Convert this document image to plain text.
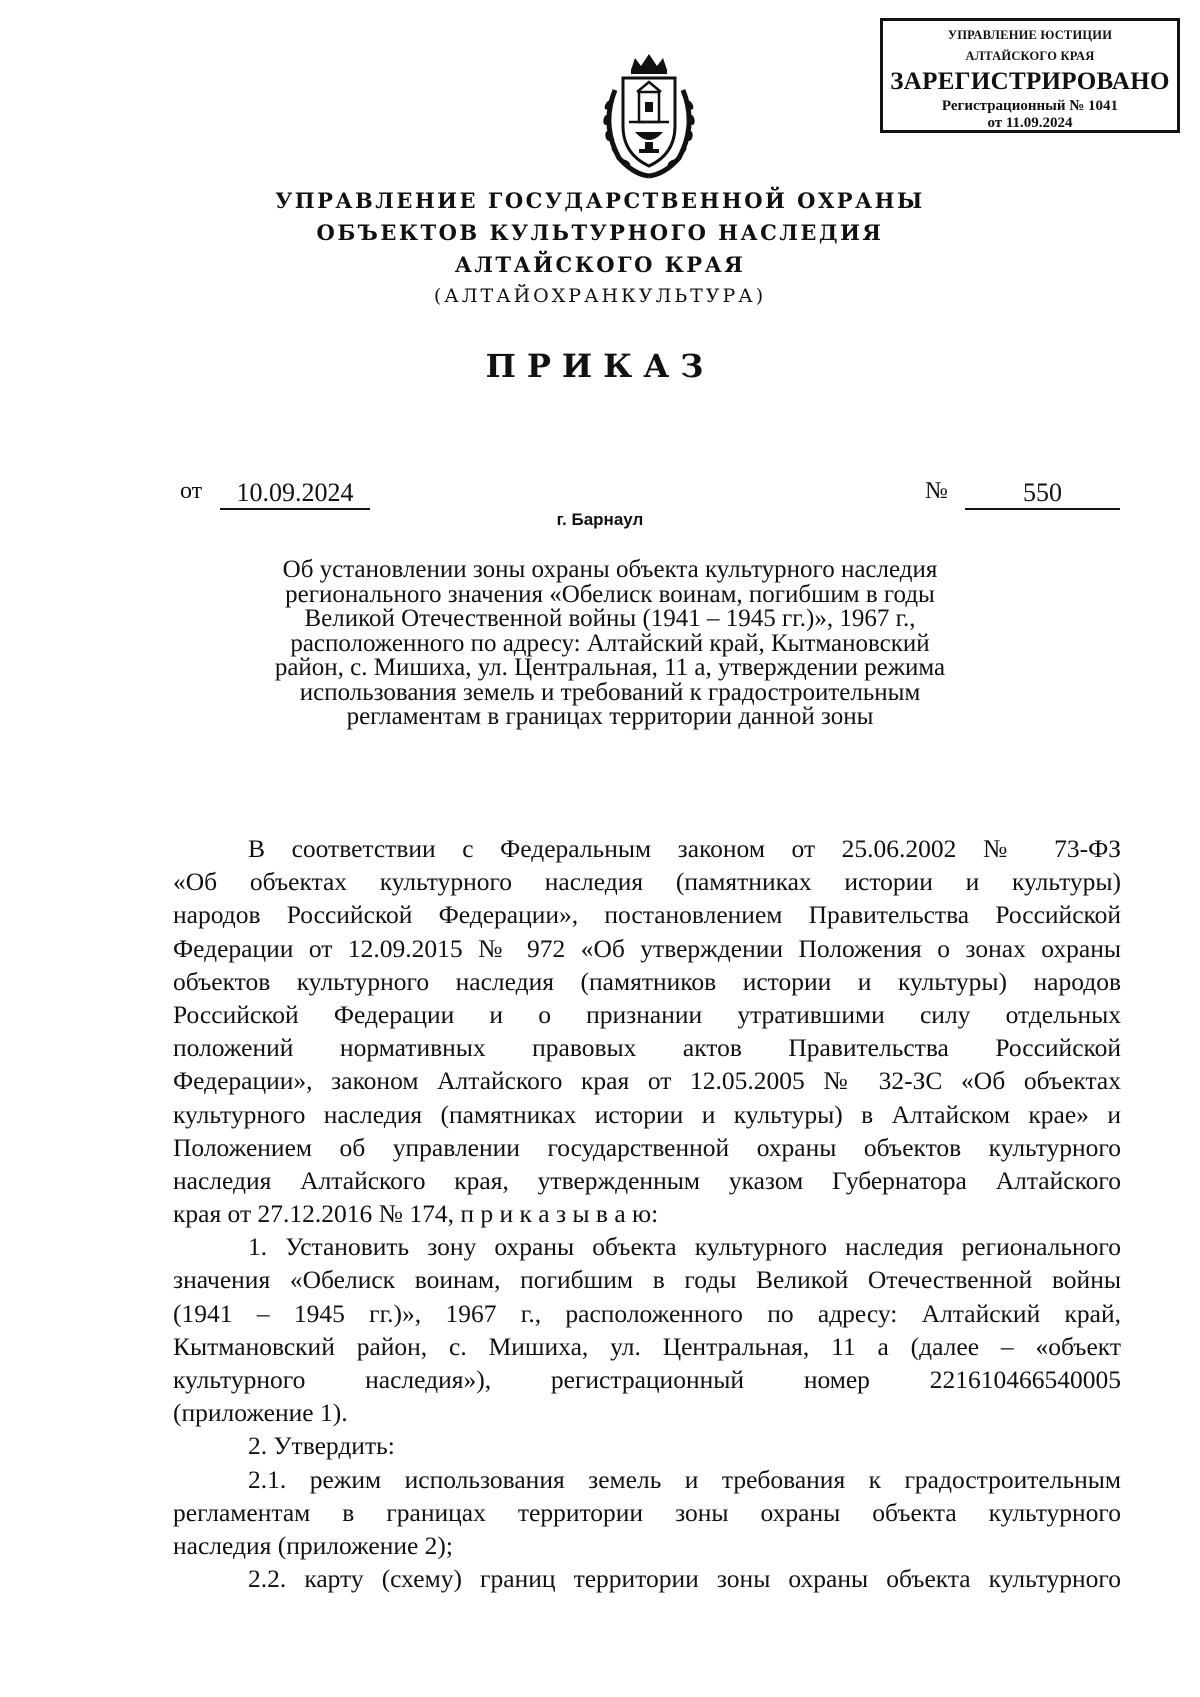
УПРАВЛЕНИЕ ЮСТИЦИИ
АЛТАЙСКОГО КРАЯ
ЗАРЕГИСТРИРОВАНО
Регистрационный № 1041
от 11.09.2024
УПРАВЛЕНИЕ ГОСУДАРСТВЕННОЙ ОХРАНЫ
ОБЪЕКТОВ КУЛЬТУРНОГО НАСЛЕДИЯ
АЛТАЙСКОГО КРАЯ
(АЛТАЙОХРАНКУЛЬТУРА)
ПРИКАЗ
от	10.09.2024	№	550
г. Барнаул
Об установлении зоны охраны объекта культурного наследия
регионального значения «Обелиск воинам, погибшим в годы
Великой Отечественной войны (1941 – 1945 гг.)», 1967 г.,
расположенного по адресу: Алтайский край, Кытмановский
район, с. Мишиха, ул. Центральная, 11 а, утверждении режима
использования земель и требований к градостроительным
регламентам в границах территории данной зоны
В соответствии с Федеральным законом от 25.06.2002 № 73-ФЗ
«Об объектах культурного наследия (памятниках истории и культуры)
народов Российской Федерации», постановлением Правительства Российской
Федерации от 12.09.2015 № 972 «Об утверждении Положения о зонах охраны
объектов культурного наследия (памятников истории и культуры) народов
Российской Федерации и о признании утратившими силу отдельных
положений нормативных правовых актов Правительства Российской
Федерации», законом Алтайского края от 12.05.2005 № 32-ЗС «Об объектах
культурного наследия (памятниках истории и культуры) в Алтайском крае» и
Положением об управлении государственной охраны объектов культурного
наследия Алтайского края, утвержденным указом Губернатора Алтайского
края от 27.12.2016 № 174, п р и к а з ы в а ю:
1. Установить зону охраны объекта культурного наследия регионального
значения «Обелиск воинам, погибшим в годы Великой Отечественной войны
(1941 – 1945 гг.)», 1967 г., расположенного по адресу: Алтайский край,
Кытмановский район, с. Мишиха, ул. Центральная, 11 а (далее – «объект
культурного наследия»), регистрационный номер 221610466540005
(приложение 1).
2. Утвердить:
2.1. режим использования земель и требования к градостроительным
регламентам в границах территории зоны охраны объекта культурного
наследия (приложение 2);
2.2. карту (схему) границ территории зоны охраны объекта культурного
